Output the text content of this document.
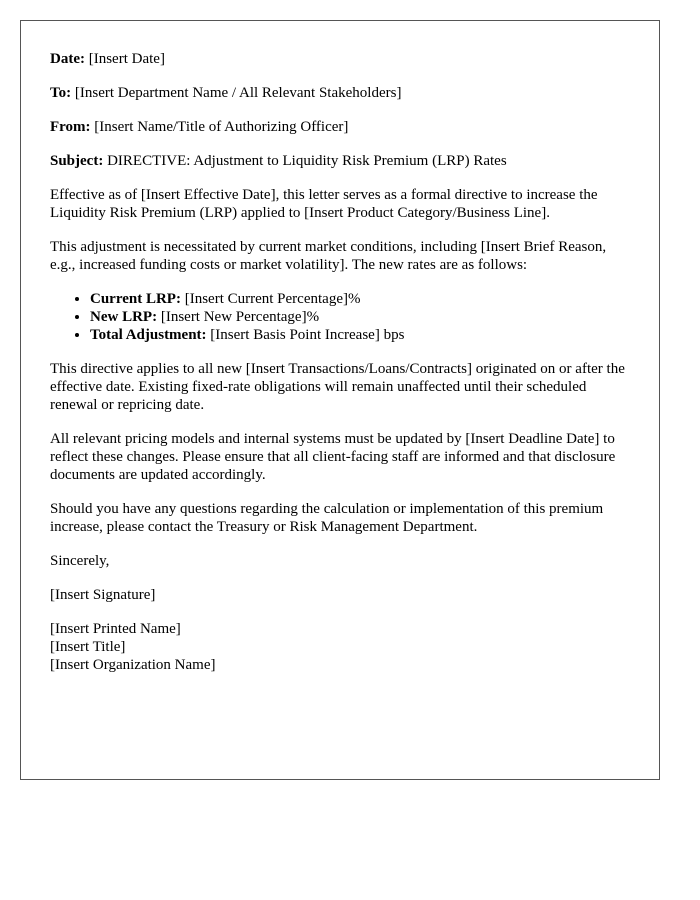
Date: [Insert Date]

To: [Insert Department Name / All Relevant Stakeholders]

From: [Insert Name/Title of Authorizing Officer]

Subject: DIRECTIVE: Adjustment to Liquidity Risk Premium (LRP) Rates

Effective as of [Insert Effective Date], this letter serves as a formal directive to increase the Liquidity Risk Premium (LRP) applied to [Insert Product Category/Business Line].

This adjustment is necessitated by current market conditions, including [Insert Brief Reason, e.g., increased funding costs or market volatility]. The new rates are as follows:

• Current LRP: [Insert Current Percentage]%
• New LRP: [Insert New Percentage]%
• Total Adjustment: [Insert Basis Point Increase] bps

This directive applies to all new [Insert Transactions/Loans/Contracts] originated on or after the effective date. Existing fixed-rate obligations will remain unaffected until their scheduled renewal or repricing date.

All relevant pricing models and internal systems must be updated by [Insert Deadline Date] to reflect these changes. Please ensure that all client-facing staff are informed and that disclosure documents are updated accordingly.

Should you have any questions regarding the calculation or implementation of this premium increase, please contact the Treasury or Risk Management Department.

Sincerely,

[Insert Signature]

[Insert Printed Name]
[Insert Title]
[Insert Organization Name]
